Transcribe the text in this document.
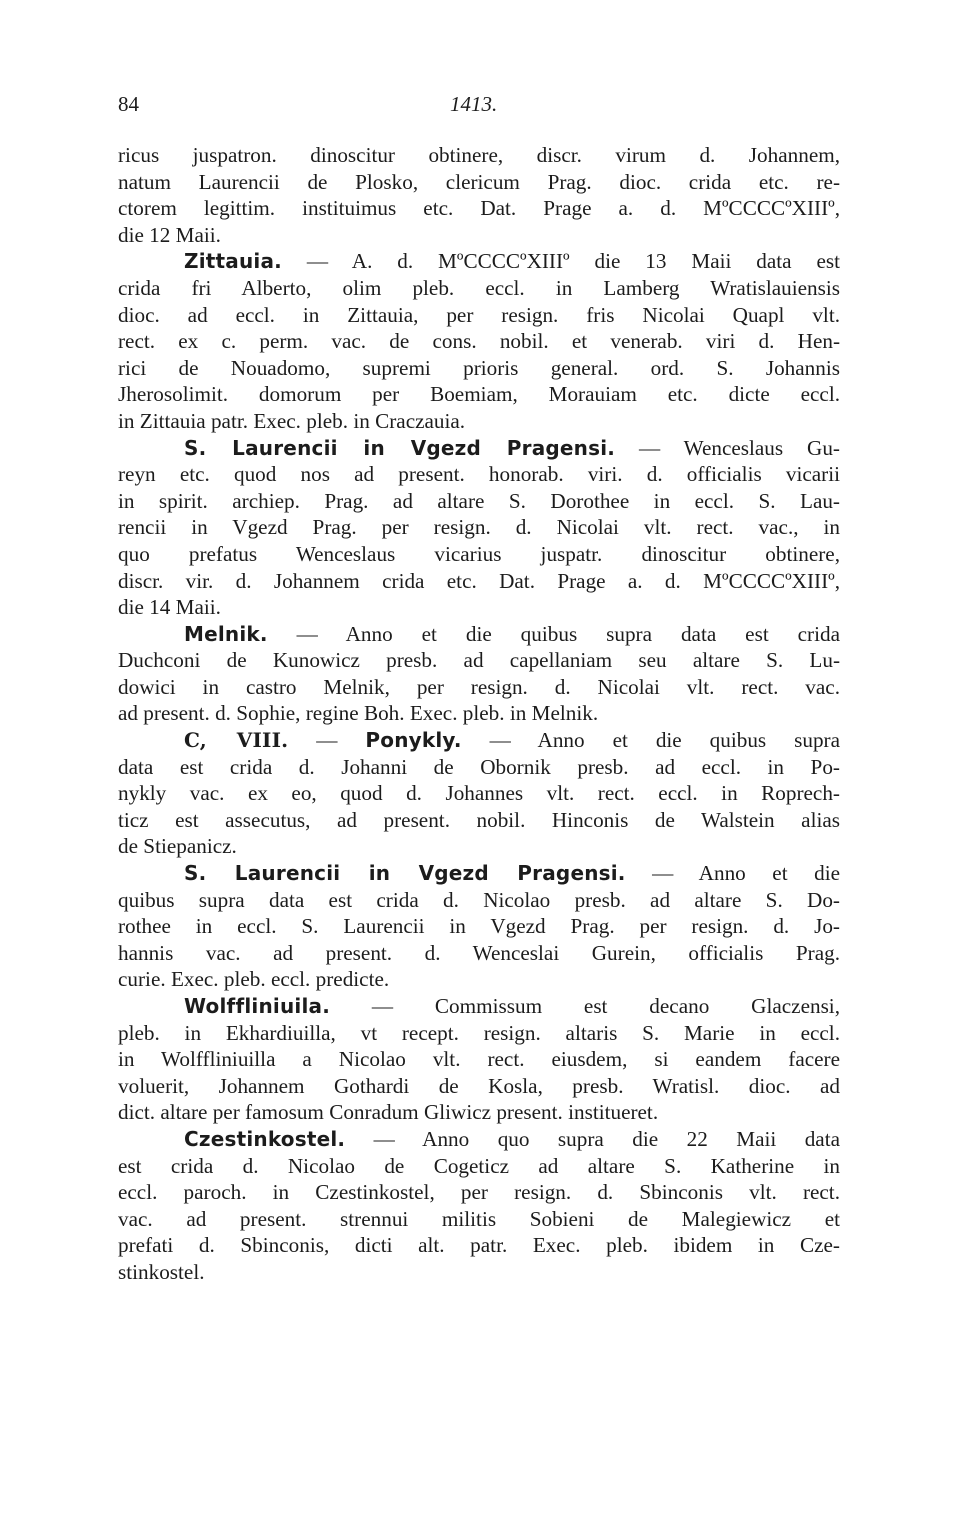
84	1413.
ricus juspatron. dinoscitur obtinere, discr. virum d. Johannem,
natum Laurencii de Plosko, clericum Prag. dioc. crida etc. re-
ctorem legittim. instituimus etc. Dat. Prage a. d. MºCCCCºXIIIº,
die 12 Maii.
Zittauia. — A. d. MºCCCCºXIIIº die 13 Maii data est
crida fri Alberto, olim pleb. eccl. in Lamberg Wratislauiensis
dioc. ad eccl. in Zittauia, per resign. fris Nicolai Quapl vlt.
rect. ex c. perm. vac. de cons. nobil. et venerab. viri d. Hen-
rici de Nouadomo, supremi prioris general. ord. S. Johannis
Jherosolimit. domorum per Boemiam, Morauiam etc. dicte eccl.
in Zittauia patr. Exec. pleb. in Craczauia.
S. Laurencii in Vgezd Pragensi. — Wenceslaus Gu-
reyn etc. quod nos ad present. honorab. viri. d. officialis vicarii
in spirit. archiep. Prag. ad altare S. Dorothee in eccl. S. Lau-
rencii in Vgezd Prag. per resign. d. Nicolai vlt. rect. vac., in
quo prefatus Wenceslaus vicarius juspatr. dinoscitur obtinere,
discr. vir. d. Johannem crida etc. Dat. Prage a. d. MºCCCCºXIIIº,
die 14 Maii.
Melnik. — Anno et die quibus supra data est crida
Duchconi de Kunowicz presb. ad capellaniam seu altare S. Lu-
dowici in castro Melnik, per resign. d. Nicolai vlt. rect. vac.
ad present. d. Sophie, regine Boh. Exec. pleb. in Melnik.
C, VIII. — Ponykly. — Anno et die quibus supra
data est crida d. Johanni de Obornik presb. ad eccl. in Po-
nykly vac. ex eo, quod d. Johannes vlt. rect. eccl. in Roprech-
ticz est assecutus, ad present. nobil. Hinconis de Walstein alias
de Stiepanicz.
S. Laurencii in Vgezd Pragensi. — Anno et die
quibus supra data est crida d. Nicolao presb. ad altare S. Do-
rothee in eccl. S. Laurencii in Vgezd Prag. per resign. d. Jo-
hannis vac. ad present. d. Wenceslai Gurein, officialis Prag.
curie. Exec. pleb. eccl. predicte.
Wolffliniuila. — Commissum est decano Glaczensi,
pleb. in Ekhardiuilla, vt recept. resign. altaris S. Marie in eccl.
in Wolffliniuilla a Nicolao vlt. rect. eiusdem, si eandem facere
voluerit, Johannem Gothardi de Kosla, presb. Wratisl. dioc. ad
dict. altare per famosum Conradum Gliwicz present. institueret.
Czestinkostel. — Anno quo supra die 22 Maii data
est crida d. Nicolao de Cogeticz ad altare S. Katherine in
eccl. paroch. in Czestinkostel, per resign. d. Sbinconis vlt. rect.
vac. ad present. strennui militis Sobieni de Malegiewicz et
prefati d. Sbinconis, dicti alt. patr. Exec. pleb. ibidem in Cze-
stinkostel.
